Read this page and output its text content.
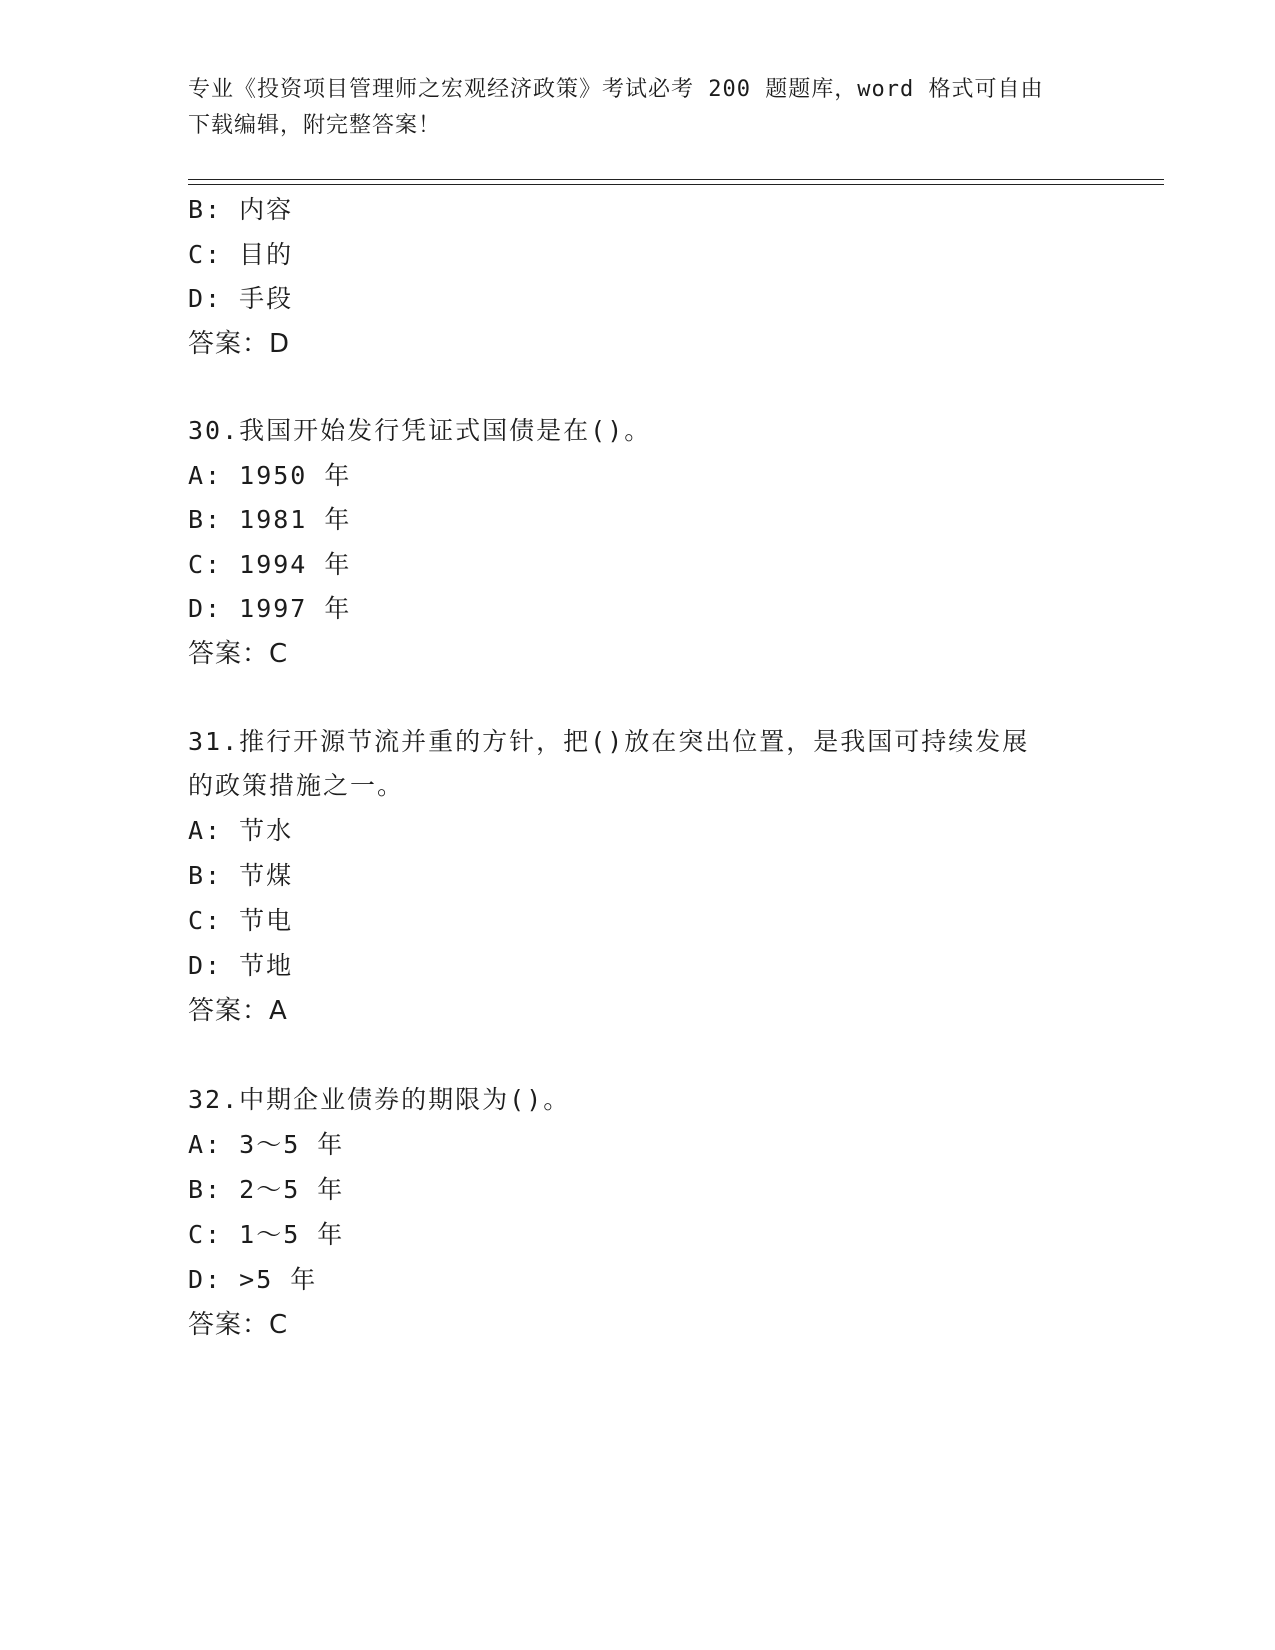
专业《投资项目管理师之宏观经济政策》考试必考 200 题题库，word 格式可自由
下载编辑，附完整答案！
B: 内容
C: 目的
D: 手段
答案：D
30.我国开始发行凭证式国债是在()。
A: 1950 年
B: 1981 年
C: 1994 年
D: 1997 年
答案：C
31.推行开源节流并重的方针，把()放在突出位置，是我国可持续发展
的政策措施之一。
A: 节水
B: 节煤
C: 节电
D: 节地
答案：A
32.中期企业债券的期限为()。
A: 3～5 年
B: 2～5 年
C: 1～5 年
D: >5 年
答案：C
